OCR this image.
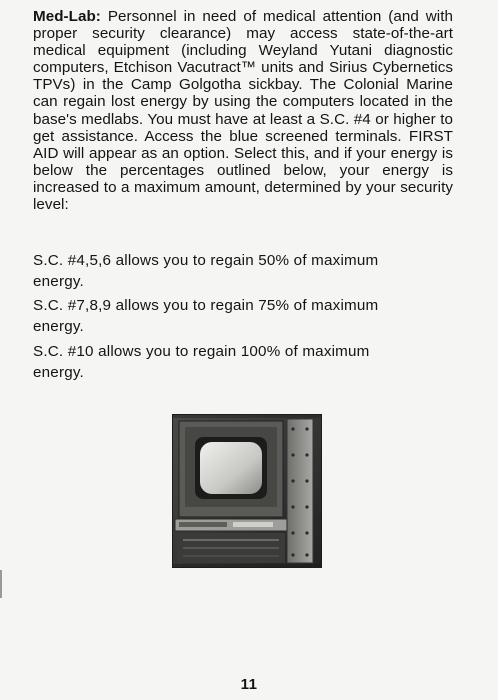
Med-Lab: Personnel in need of medical attention (and with proper security clearance) may access state-of-the-art medical equipment (including Weyland Yutani diagnostic computers, Etchison Vacutract™ units and Sirius Cybernetics TPVs) in the Camp Golgotha sickbay. The Colonial Marine can regain lost energy by using the computers located in the base's medlabs. You must have at least a S.C. #4 or higher to get assistance. Access the blue screened terminals. FIRST AID will appear as an option. Select this, and if your energy is below the percentages outlined below, your energy is increased to a maximum amount, determined by your security level:

S.C. #4,5,6 allows you to regain 50% of maximum
energy.
S.C. #7,8,9 allows you to regain 75% of maximum
energy.
S.C. #10 allows you to regain 100% of maximum
energy.
11
